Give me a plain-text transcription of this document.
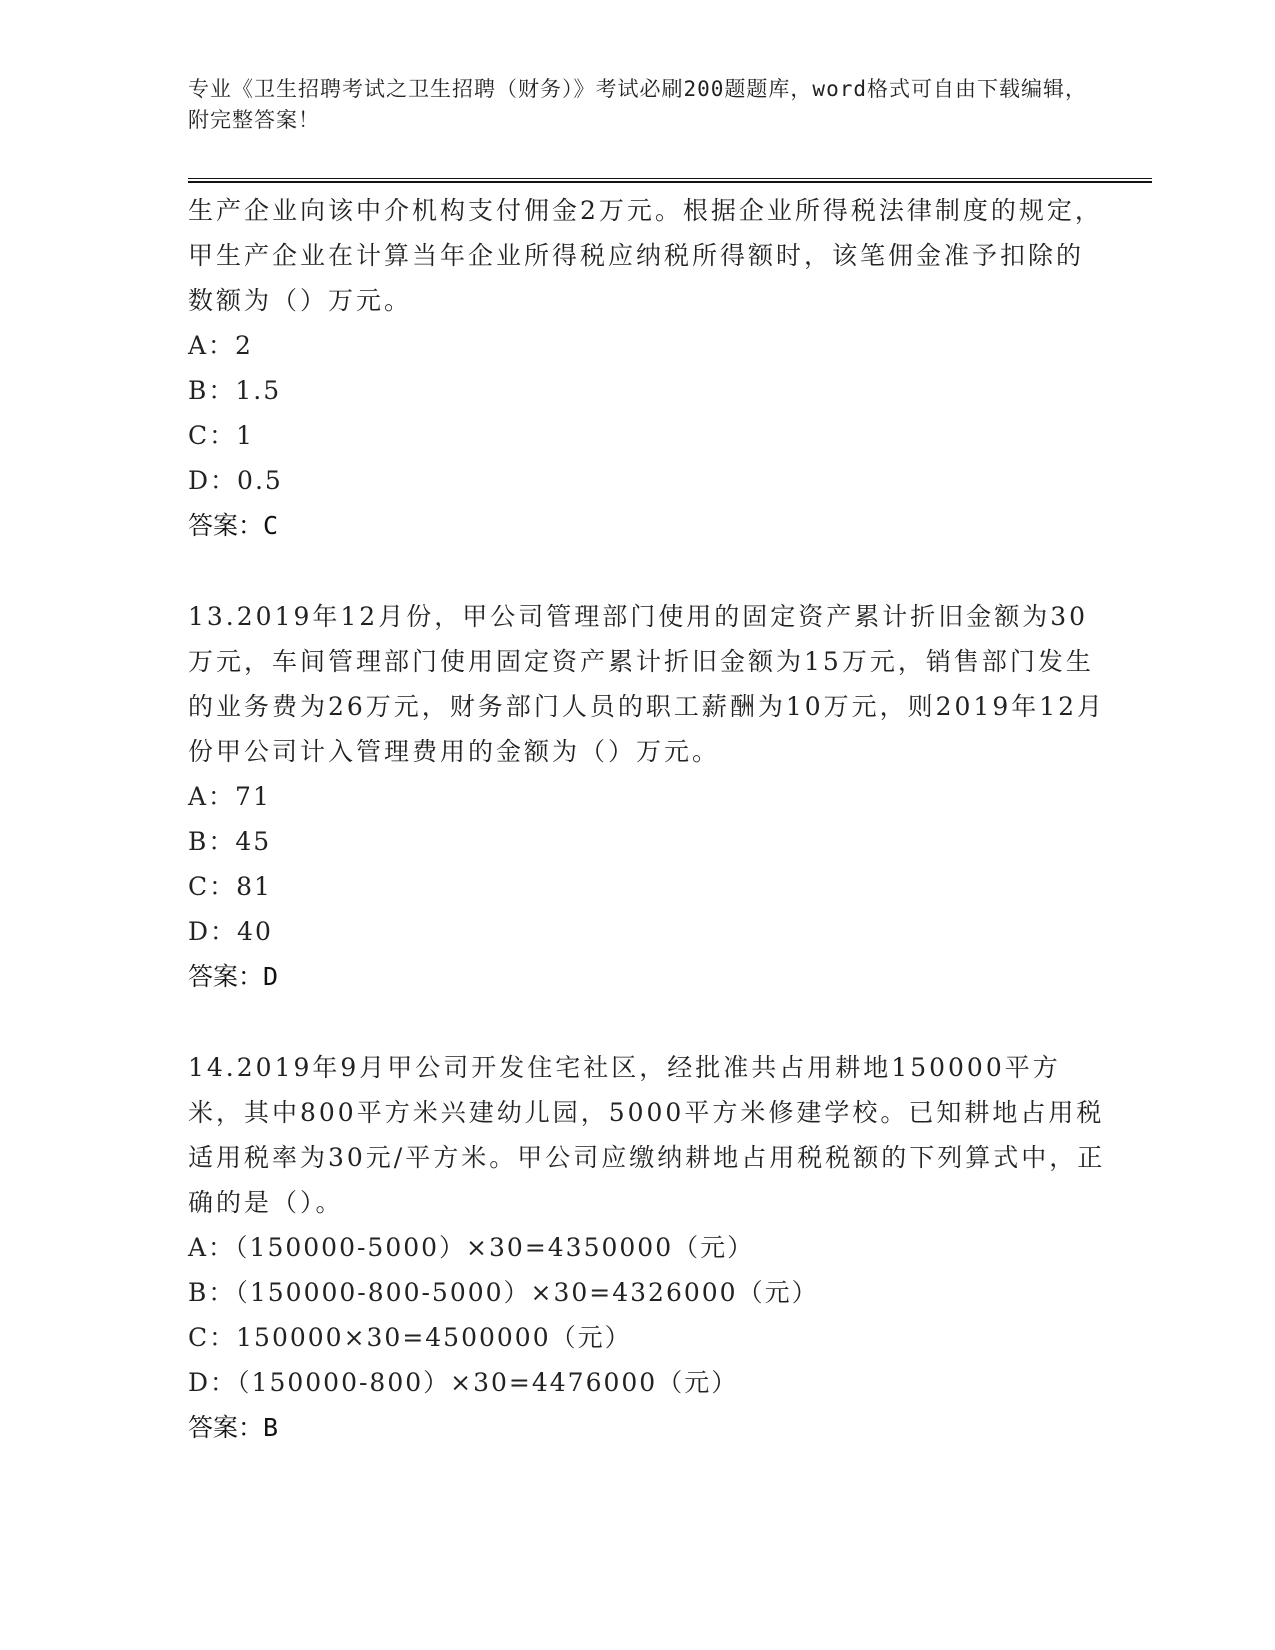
专业《卫生招聘考试之卫生招聘（财务）》考试必刷200题题库，word格式可自由下载编辑，附完整答案！

生产企业向该中介机构支付佣金2万元。根据企业所得税法律制度的规定，甲生产企业在计算当年企业所得税应纳税所得额时，该笔佣金准予扣除的数额为（）万元。

A：2

B：1.5

C：1

D：0.5

答案：C

13.2019年12月份，甲公司管理部门使用的固定资产累计折旧金额为30万元，车间管理部门使用固定资产累计折旧金额为15万元，销售部门发生的业务费为26万元，财务部门人员的职工薪酬为10万元，则2019年12月份甲公司计入管理费用的金额为（）万元。

A：71

B：45

C：81

D：40

答案：D

14.2019年9月甲公司开发住宅社区，经批准共占用耕地150000平方米，其中800平方米兴建幼儿园，5000平方米修建学校。已知耕地占用税适用税率为30元/平方米。甲公司应缴纳耕地占用税税额的下列算式中，正确的是（）。

A：（150000-5000）×30=4350000（元）

B：（150000-800-5000）×30=4326000（元）

C：150000×30=4500000（元）

D：（150000-800）×30=4476000（元）

答案：B
